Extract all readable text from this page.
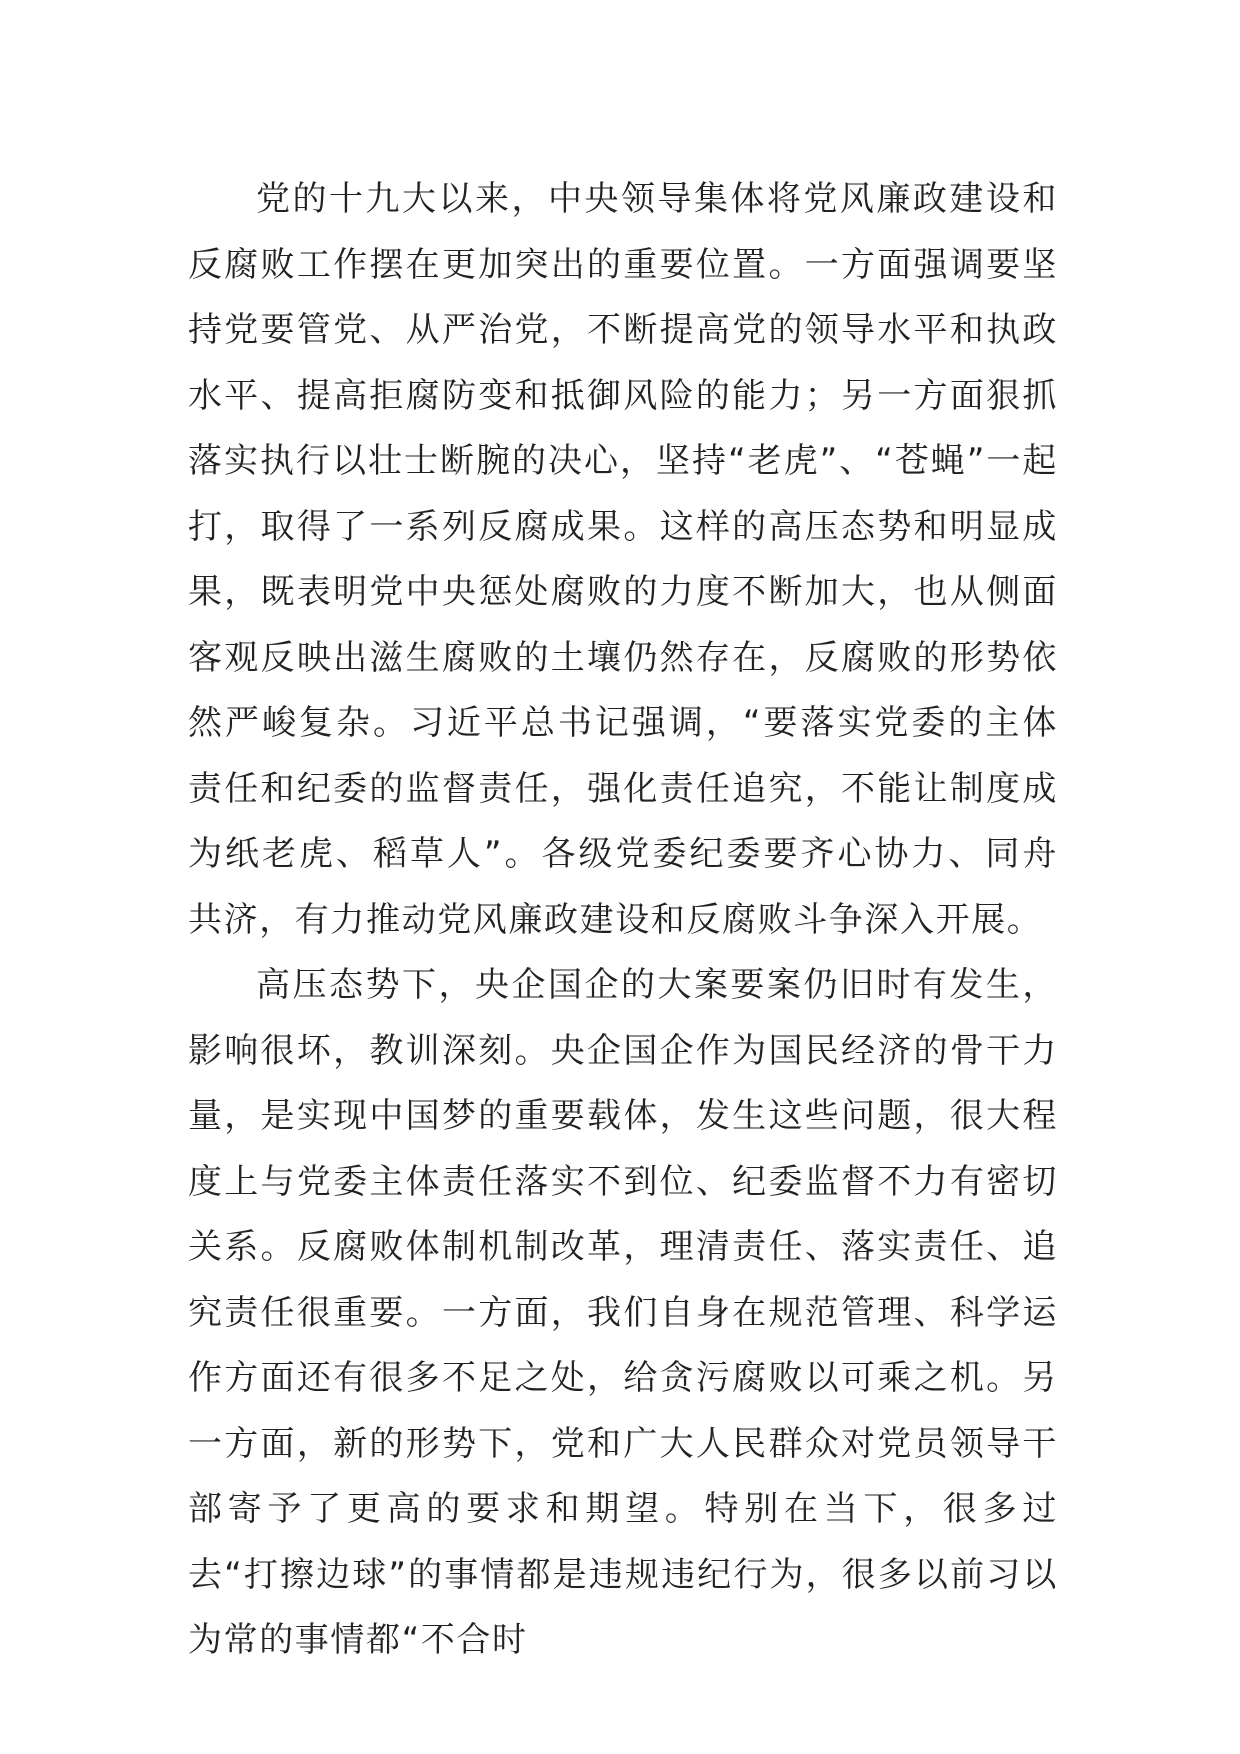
党的十九大以来，中央领导集体将党风廉政建设和反腐败工作摆在更加突出的重要位置。一方面强调要坚持党要管党、从严治党，不断提高党的领导水平和执政水平、提高拒腐防变和抵御风险的能力；另一方面狠抓落实执行以壮士断腕的决心，坚持“老虎”、“苍蝇”一起打，取得了一系列反腐成果。这样的高压态势和明显成果，既表明党中央惩处腐败的力度不断加大，也从侧面客观反映出滋生腐败的土壤仍然存在，反腐败的形势依然严峻复杂。习近平总书记强调，“要落实党委的主体责任和纪委的监督责任，强化责任追究，不能让制度成为纸老虎、稻草人”。各级党委纪委要齐心协力、同舟共济，有力推动党风廉政建设和反腐败斗争深入开展。

高压态势下，央企国企的大案要案仍旧时有发生，影响很坏，教训深刻。央企国企作为国民经济的骨干力量，是实现中国梦的重要载体，发生这些问题，很大程度上与党委主体责任落实不到位、纪委监督不力有密切关系。反腐败体制机制改革，理清责任、落实责任、追究责任很重要。一方面，我们自身在规范管理、科学运作方面还有很多不足之处，给贪污腐败以可乘之机。另一方面，新的形势下，党和广大人民群众对党员领导干部寄予了更高的要求和期望。特别在当下，很多过去“打擦边球”的事情都是违规违纪行为，很多以前习以为常的事情都“不合时
